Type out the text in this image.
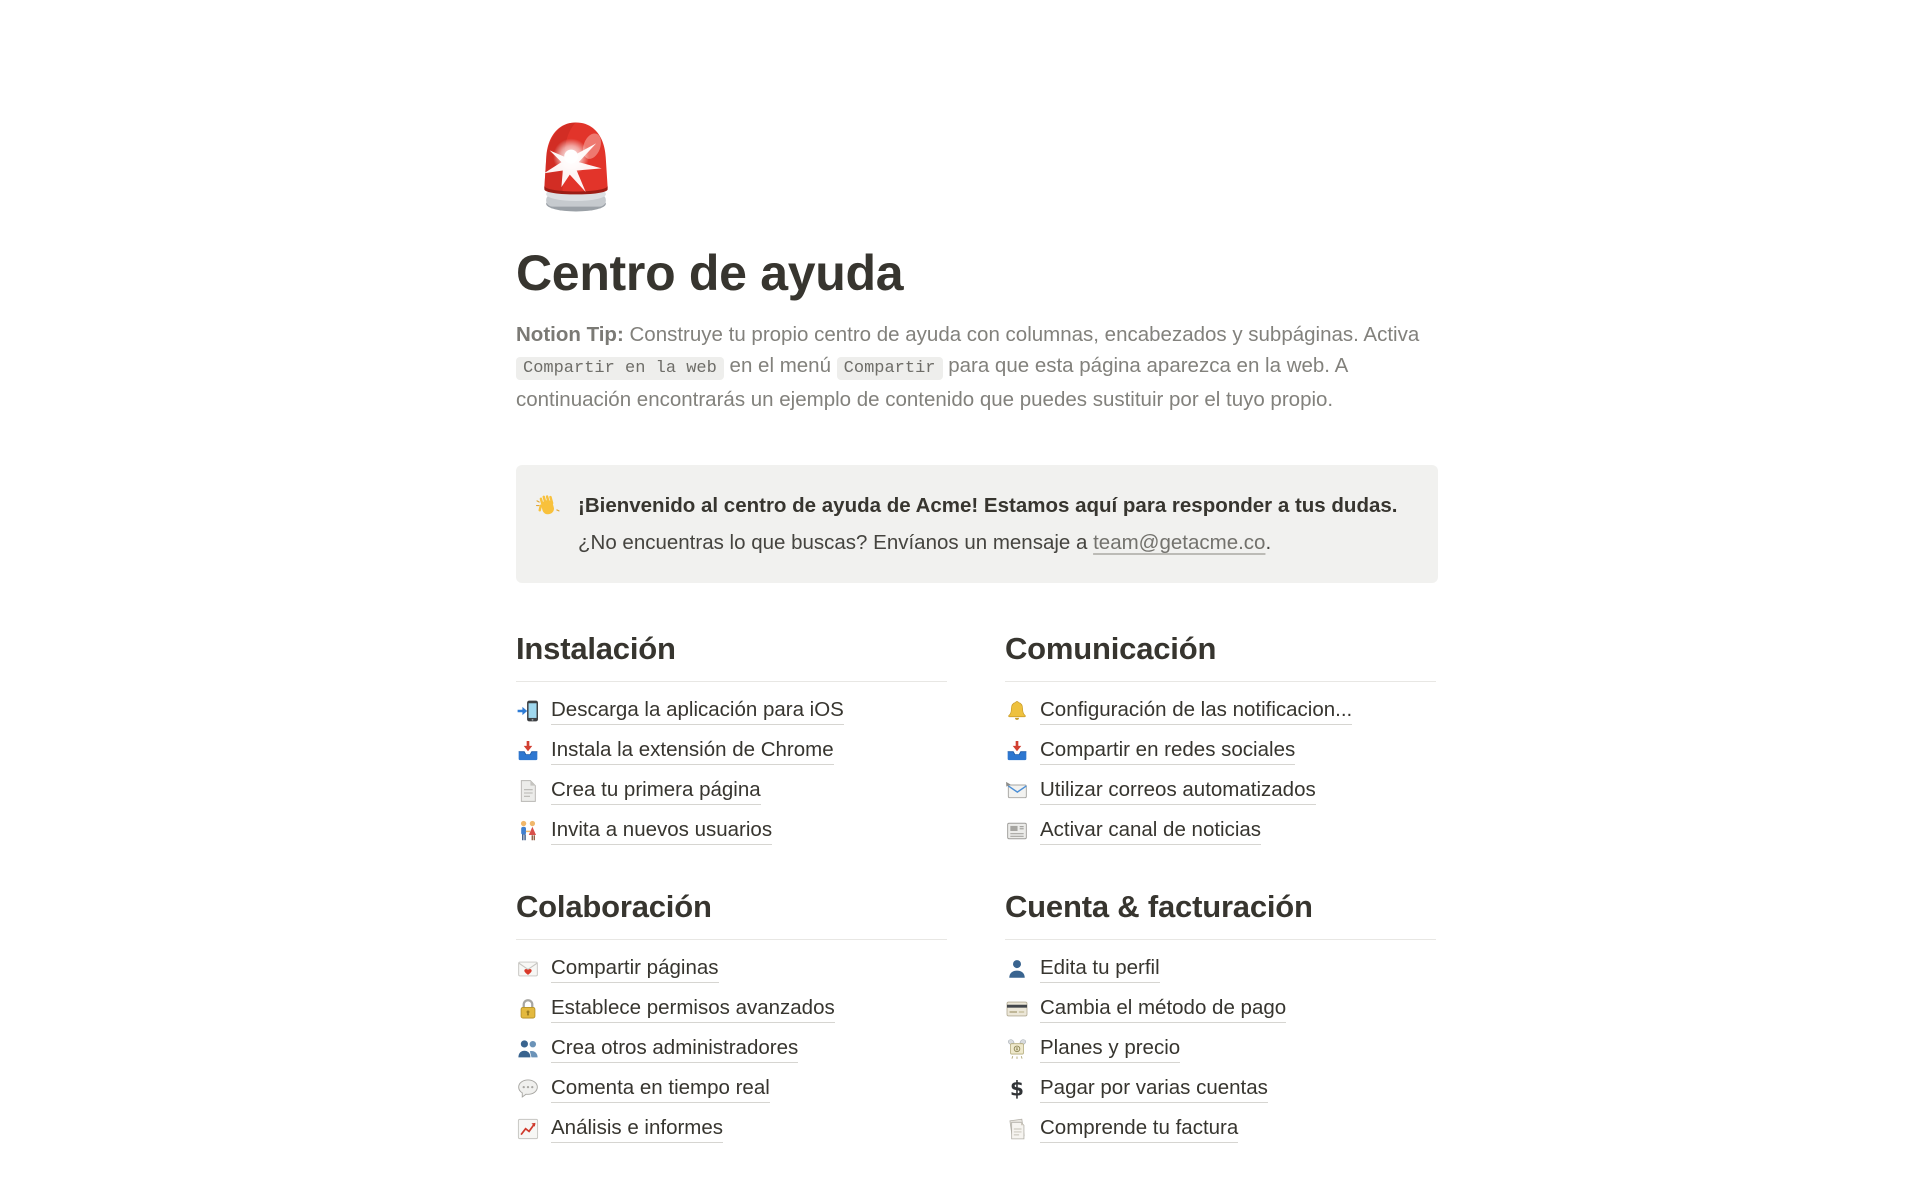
Centro de ayuda

Notion Tip: Construye tu propio centro de ayuda con columnas, encabezados y subpáginas. Activa Compartir en la web en el menú Compartir para que esta página aparezca en la web. A continuación encontrarás un ejemplo de contenido que puedes sustituir por el tuyo propio.

¡Bienvenido al centro de ayuda de Acme! Estamos aquí para responder a tus dudas.
¿No encuentras lo que buscas? Envíanos un mensaje a team@getacme.co.
Instalación
Descarga la aplicación para iOS
Instala la extensión de Chrome
Crea tu primera página
Invita a nuevos usuarios
Comunicación
Configuración de las notificacion...
Compartir en redes sociales
Utilizar correos automatizados
Activar canal de noticias
Colaboración
Compartir páginas
Establece permisos avanzados
Crea otros administradores
Comenta en tiempo real
Análisis e informes
Cuenta & facturación
Edita tu perfil
Cambia el método de pago
Planes y precio
$ Pagar por varias cuentas
Comprende tu factura
